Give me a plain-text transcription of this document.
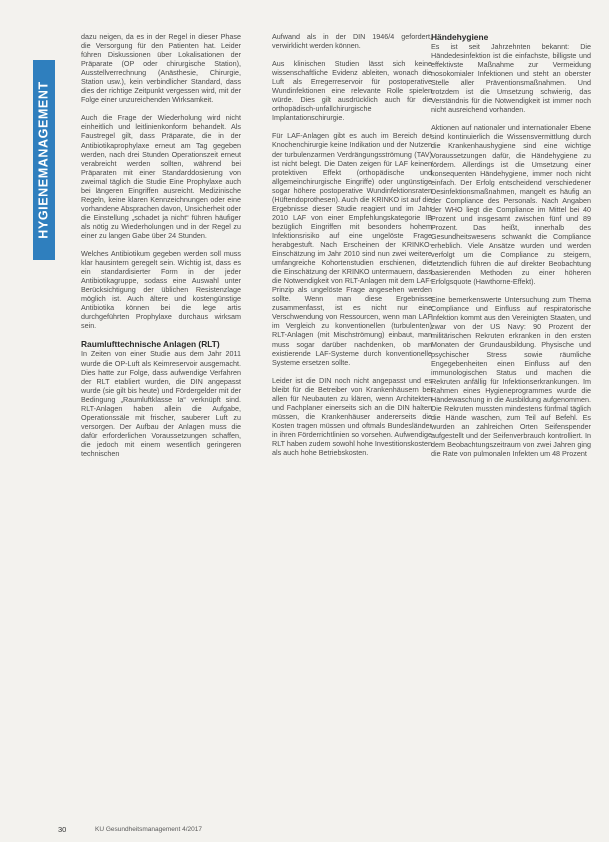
HYGIENEMANAGEMENT

dazu neigen, da es in der Regel in dieser Phase die Versorgung für den Patienten hat. Leider führen Diskussionen über Lokalisationen der Präparate (OP oder chirurgische Station), Ausstellverrechnung (Anästhesie, Chirurgie, Station usw.), kein verbindlicher Standard, dass dies der richtige Zeitpunkt vergessen wird, mit der Folge einer unzureichenden Wirksamkeit.

Auch die Frage der Wiederholung wird nicht einheitlich und leitlinienkonform behandelt. Als Faustregel gilt, dass Präparate, die in der Antibiotikaprophylaxe erneut am Tag gegeben werden, nach drei Stunden Operationszeit erneut verabreicht werden sollten, während bei Präparaten mit einer Standarddosierung von zweimal täglich die Studie Eine Prophylaxe auch bei längeren Eingriffen ausreicht. Medizinische Regeln, keine klaren Kennzeichnungen oder eine vorhandene Absprachen davon, Unsicherheit oder die Einstellung „schadet ja nicht“ führen häufiger als nötig zu Wiederholungen und in der Regel zu einer zu langen Gabe über 24 Stunden.

Welches Antibiotikum gegeben werden soll muss klar hausintern geregelt sein. Wichtig ist, dass es ein standardisierter Form in der jeder Antibiotikagruppe, sodass eine Auswahl unter Berücksichtigung der üblichen Resistenzlage möglich ist. Auch ältere und kostengünstige Antibiotika können bei die lege artis durchgeführten Prophylaxe durchaus wirksam sein.

Raumlufttechnische Anlagen (RLT)

In Zeiten von einer Studie aus dem Jahr 2011 wurde die OP-Luft als Keimreservoir ausgemacht. Dies hatte zur Folge, dass aufwendige Verfahren der RLT etabliert wurden, die DIN angepasst wurde (sie gilt bis heute) und Fördergelder mit der Bedingung „Raumluftklasse Ia“ verknüpft sind. RLT-Anlagen haben allein die Aufgabe, Operationssäle mit frischer, sauberer Luft zu versorgen. Der Aufbau der Anlagen muss die dafür erforderlichen Voraussetzungen schaffen, die jedoch mit einem wesentlich geringeren technischen

Aufwand als in der DIN 1946/4 gefordert, verwirklicht werden können.

Aus klinischen Studien lässt sich keine wissenschaftliche Evidenz ableiten, wonach die Luft als Erregerreservoir für postoperative Wundinfektionen eine relevante Rolle spielen würde. Dies gilt ausdrücklich auch für die orthopädisch-unfallchirurgische Implantationschirurgie.

Für LAF-Anlagen gibt es auch im Bereich der Knochenchirurgie keine Indikation und der Nutzen der turbulenzarmen Verdrängungsströmung (TAV) ist nicht belegt. Die Daten zeigen für LAF keinen protektiven Effekt (orthopädische und allgemeinchirurgische Eingriffe) oder ungünstige sogar höhere postoperative Wundinfektionsraten (Hüftendoprothesen). Auch die KRINKO ist auf die Ergebnisse dieser Studie reagiert und im Jahr 2010 LAF von einer Empfehlungskategorie IB bezüglich Eingriffen mit besonders hohem Infektionsrisiko auf eine ungelöste Frage herabgestuft. Nach Erscheinen der KRINKO-Einschätzung im Jahr 2010 sind nun zwei weitere umfangreiche Kohortenstudien erschienen, die die Einschätzung der KRINKO untermauern, dass die Notwendigkeit von RLT-Anlagen mit dem LAF-Prinzip als ungelöste Frage angesehen werden sollte. Wenn man diese Ergebnisse zusammenfasst, ist es nicht nur eine Verschwendung von Ressourcen, wenn man LAF im Vergleich zu konventionellen (turbulenten) RLT-Anlagen (mit Mischströmung) einbaut, man muss sogar darüber nachdenken, ob man existierende LAF-Systeme durch konventionelle Systeme ersetzen sollte.

Leider ist die DIN noch nicht angepasst und es bleibt für die Betreiber von Krankenhäusern bei allen für Neubauten zu klären, wenn Architekten und Fachplaner einerseits sich an die DIN halten müssen, die Krankenhäuser andererseits die Kosten tragen müssen und oftmals Bundesländer in ihren Förderrichtlinien so vorsehen. Aufwendige RLT haben zudem sowohl hohe Investitionskosten als auch hohe Betriebskosten.

Händehygiene

Es ist seit Jahrzehnten bekannt: Die Händedesinfektion ist die einfachste, billigste und effektivste Maßnahme zur Vermeidung nosokomialer Infektionen und steht an oberster Stelle aller Präventionsmaßnahmen. Und trotzdem ist die Umsetzung schwierig, das Verständnis für die Notwendigkeit ist immer noch nicht ausreichend vorhanden.

Aktionen auf nationaler und internationaler Ebene sind kontinuierlich die Wissensvermittlung durch die Krankenhaushygiene sind eine wichtige Voraussetzungen dafür, die Händehygiene zu fördern. Allerdings ist die Umsetzung einer konsequenten Händehygiene, immer noch nicht einfach. Der Erfolg entscheidend verschiedener Desinfektionsmaßnahmen, mangelt es häufig an der Compliance des Personals. Nach Angaben der WHO liegt die Compliance im Mittel bei 40 Prozent und insgesamt zwischen fünf und 89 Prozent. Das heißt, innerhalb des Gesundheitswesens schwankt die Compliance erheblich. Viele Ansätze wurden und werden verfolgt um die Compliance zu steigern, letztendlich führen die auf direkter Beobachtung basierenden Methoden zu einer höheren Erfolgsquote (Hawthorne-Effekt).

Eine bemerkenswerte Untersuchung zum Thema Compliance und Einfluss auf respiratorische Infektion kommt aus den Vereinigten Staaten, und zwar von der US Navy: 90 Prozent der militärischen Rekruten erkranken in den ersten Monaten der Grundausbildung. Physische und psychischer Stress sowie räumliche Engegebenheiten einen Einfluss auf den immunologischen Status und machen die Rekruten anfällig für Infektionserkrankungen. Im Rahmen eines Hygieneprogrammes wurde die Händewaschung in die Ausbildung aufgenommen. Die Rekruten mussten mindestens fünfmal täglich die Hände waschen, zum Teil auf Befehl. Es wurden an zahlreichen Orten Seifenspender aufgestellt und der Seifenverbrauch kontrolliert. In dem Beobachtungszeitraum von zwei Jahren ging die Rate von pulmonalen Infekten um 48 Prozent

30	KU Gesundheitsmanagement 4/2017
